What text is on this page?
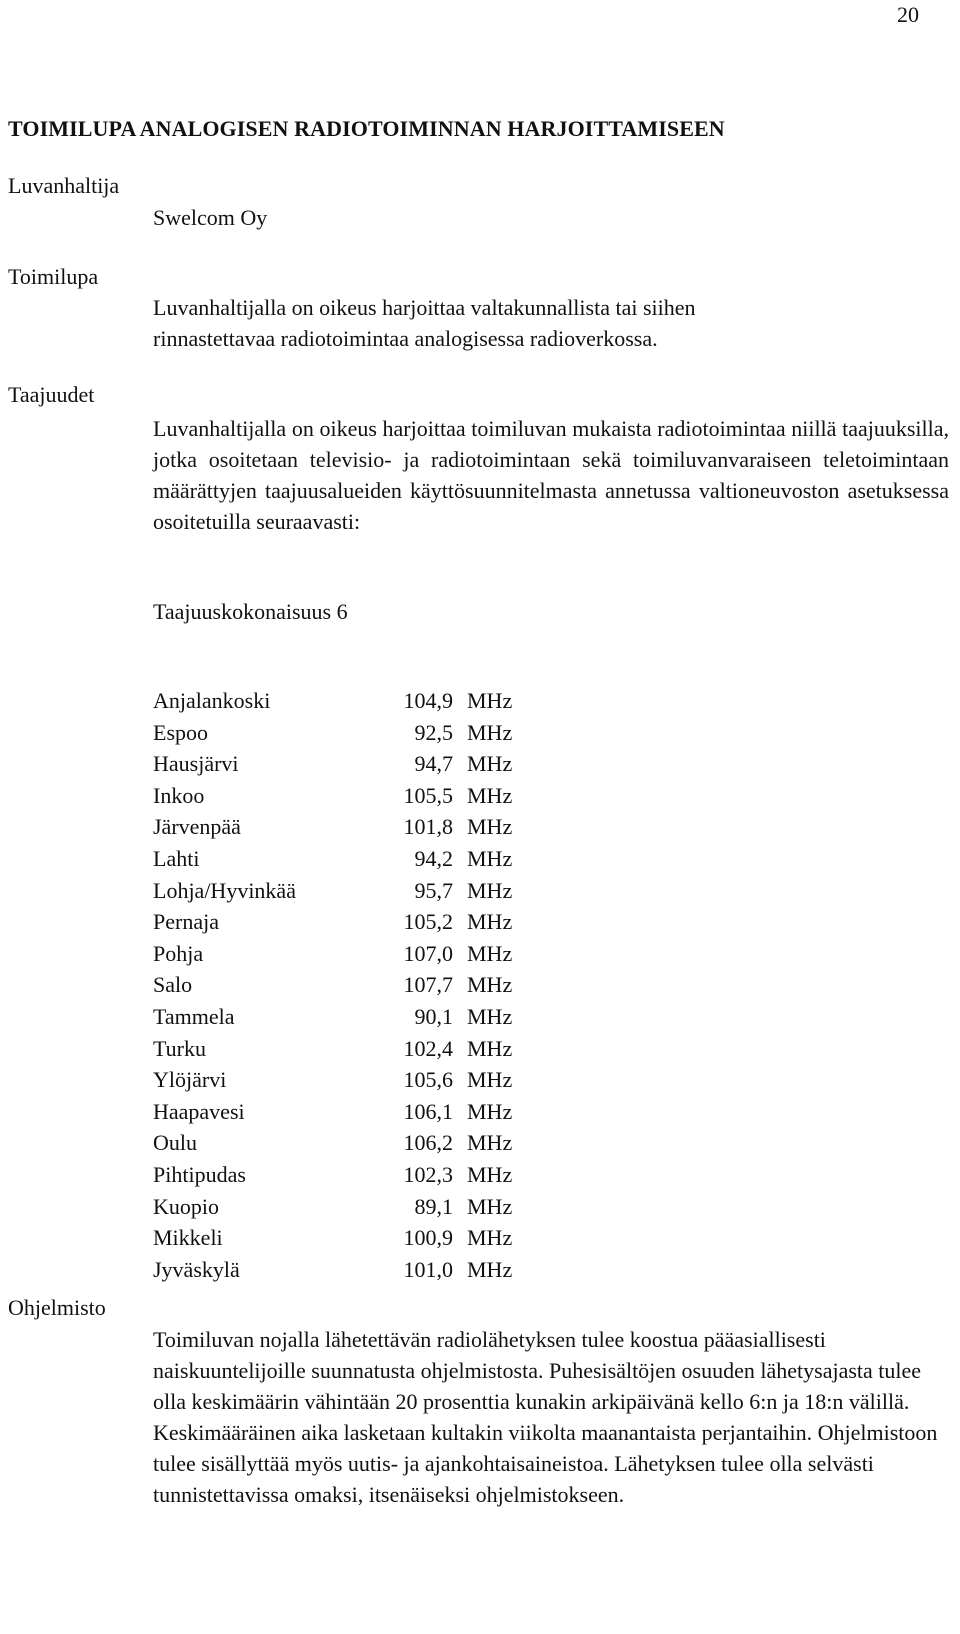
20
TOIMILUPA ANALOGISEN RADIOTOIMINNAN HARJOITTAMISEEN
Luvanhaltija
Swelcom Oy
Toimilupa
Luvanhaltijalla on oikeus harjoittaa valtakunnallista tai siihen rinnastettavaa radiotoimintaa analogisessa radioverkossa.
Taajuudet
Luvanhaltijalla on oikeus harjoittaa toimiluvan mukaista radiotoimintaa niillä taajuuksilla, jotka osoitetaan televisio- ja radiotoimintaan sekä toimiluvanvaraiseen teletoimintaan määrättyjen taajuusalueiden käyttösuunnitelmasta annetussa valtioneuvoston asetuksessa osoitetuilla seuraavasti:
Taajuuskokonaisuus 6
Anjalankoski	104,9	MHz
Espoo	92,5	MHz
Hausjärvi	94,7	MHz
Inkoo	105,5	MHz
Järvenpää	101,8	MHz
Lahti	94,2	MHz
Lohja/Hyvinkää	95,7	MHz
Pernaja	105,2	MHz
Pohja	107,0	MHz
Salo	107,7	MHz
Tammela	90,1	MHz
Turku	102,4	MHz
Ylöjärvi	105,6	MHz
Haapavesi	106,1	MHz
Oulu	106,2	MHz
Pihtipudas	102,3	MHz
Kuopio	89,1	MHz
Mikkeli	100,9	MHz
Jyväskylä	101,0	MHz
Ohjelmisto
Toimiluvan nojalla lähetettävän radiolähetyksen tulee koostua pääasiallisesti naiskuuntelijoille suunnatusta ohjelmistosta. Puhesisältöjen osuuden lähetysajasta tulee olla keskimäärin vähintään 20 prosenttia kunakin arkipäivänä kello 6:n ja 18:n välillä. Keskimääräinen aika lasketaan kultakin viikolta maanantaista perjantaihin. Ohjelmistoon tulee sisällyttää myös uutis- ja ajankohtaisaineistoa. Lähetyksen tulee olla selvästi tunnistettavissa omaksi, itsenäiseksi ohjelmistokseen.
